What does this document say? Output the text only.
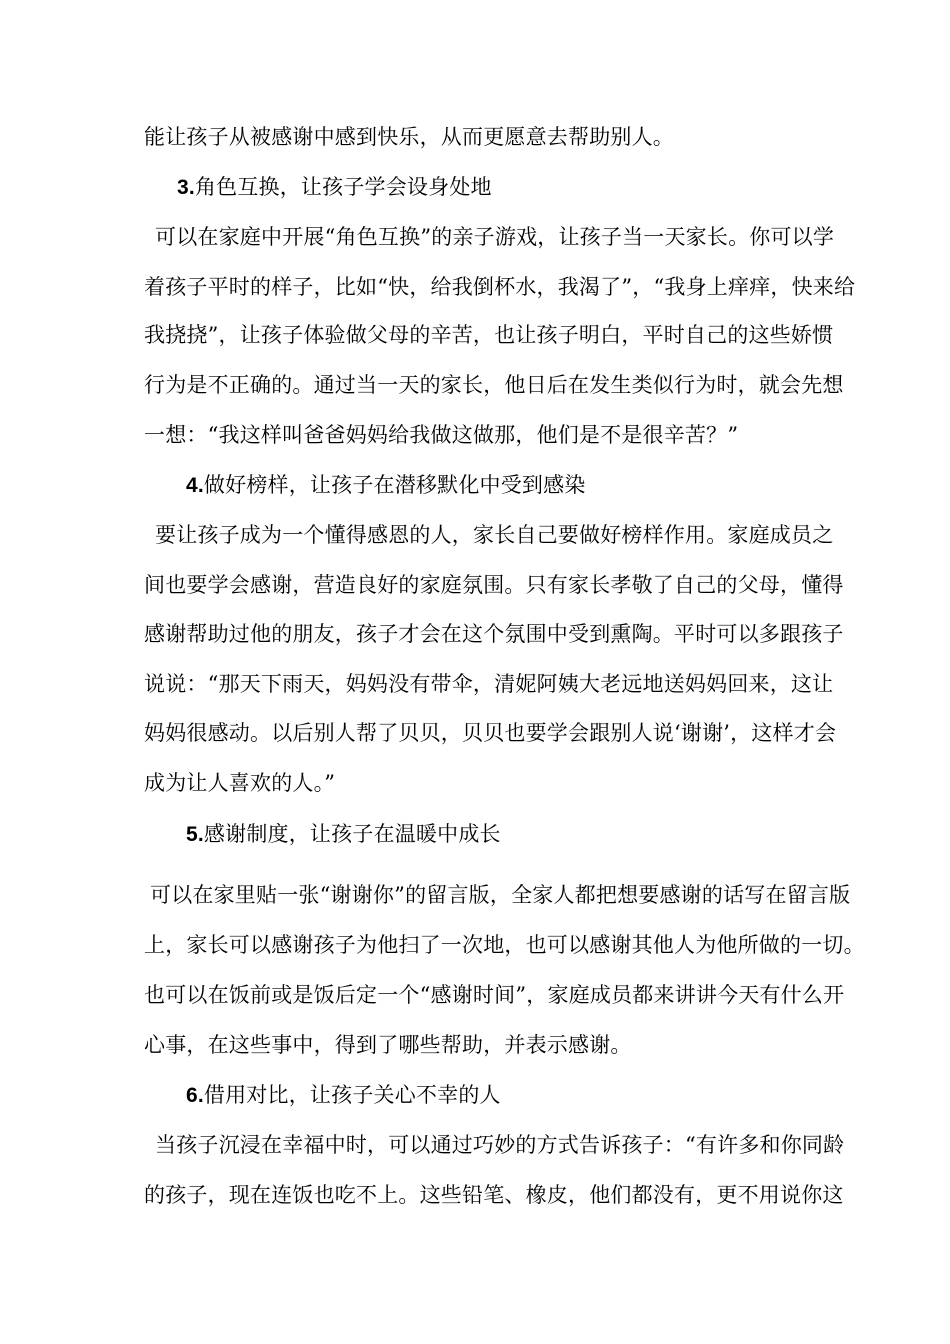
能让孩子从被感谢中感到快乐，从而更愿意去帮助别人。
3.角色互换，让孩子学会设身处地
可以在家庭中开展“角色互换”的亲子游戏，让孩子当一天家长。你可以学
着孩子平时的样子，比如“快，给我倒杯水，我渴了”，“我身上痒痒，快来给
我挠挠”，让孩子体验做父母的辛苦，也让孩子明白，平时自己的这些娇惯
行为是不正确的。通过当一天的家长，他日后在发生类似行为时，就会先想
一想：“我这样叫爸爸妈妈给我做这做那，他们是不是很辛苦？”
4.做好榜样，让孩子在潜移默化中受到感染
要让孩子成为一个懂得感恩的人，家长自己要做好榜样作用。家庭成员之
间也要学会感谢，营造良好的家庭氛围。只有家长孝敬了自己的父母，懂得
感谢帮助过他的朋友，孩子才会在这个氛围中受到熏陶。平时可以多跟孩子
说说：“那天下雨天，妈妈没有带伞，清妮阿姨大老远地送妈妈回来，这让
妈妈很感动。以后别人帮了贝贝，贝贝也要学会跟别人说‘谢谢’，这样才会
成为让人喜欢的人。”
5.感谢制度，让孩子在温暖中成长
可以在家里贴一张“谢谢你”的留言版，全家人都把想要感谢的话写在留言版
上，家长可以感谢孩子为他扫了一次地，也可以感谢其他人为他所做的一切。
也可以在饭前或是饭后定一个“感谢时间”，家庭成员都来讲讲今天有什么开
心事，在这些事中，得到了哪些帮助，并表示感谢。
6.借用对比，让孩子关心不幸的人
当孩子沉浸在幸福中时，可以通过巧妙的方式告诉孩子：“有许多和你同龄
的孩子，现在连饭也吃不上。这些铅笔、橡皮，他们都没有，更不用说你这
